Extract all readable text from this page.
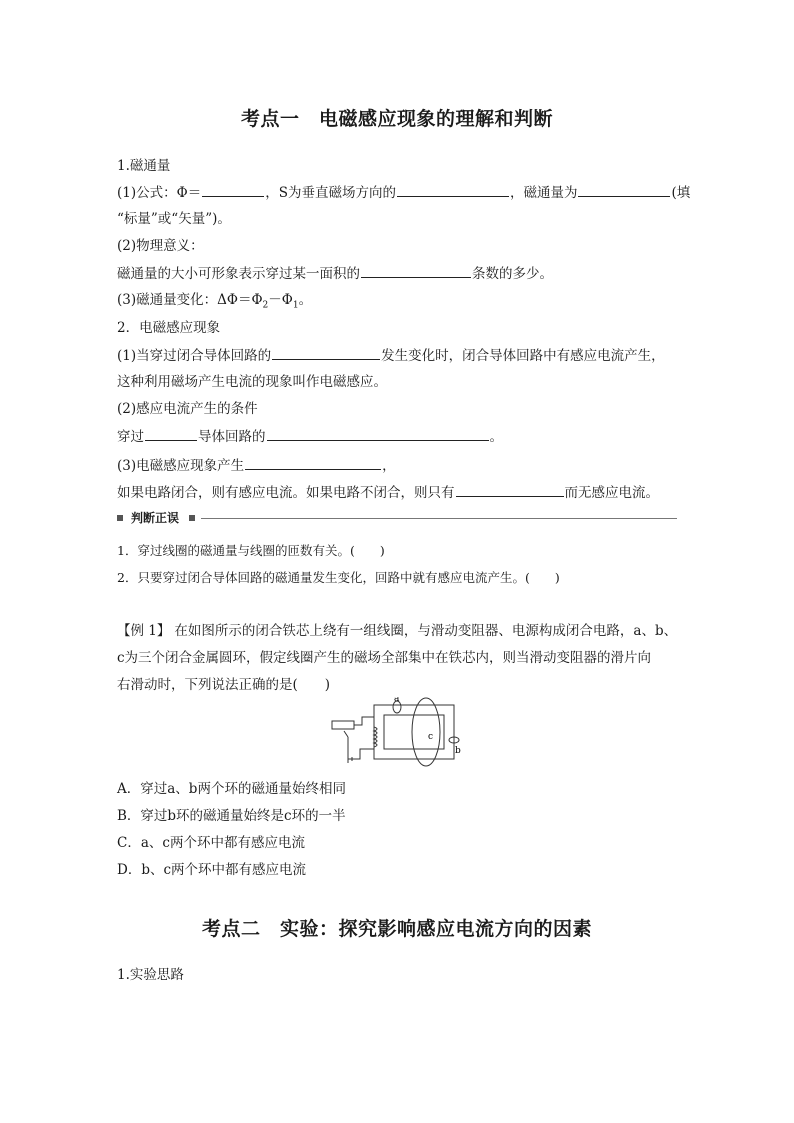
考点一　电磁感应现象的理解和判断
1.磁通量
(1)公式：Φ＝	，S为垂直磁场方向的	，磁通量为	(填
“标量”或“矢量”)。
(2)物理意义：
磁通量的大小可形象表示穿过某一面积的	条数的多少。
(3)磁通量变化：$\Delta\Phi=\Phi_2-\Phi_1$。
2．电磁感应现象
(1)当穿过闭合导体回路的	发生变化时，闭合导体回路中有感应电流产生，
这种利用磁场产生电流的现象叫作电磁感应。
(2)感应电流产生的条件
穿过	导体回路的	。
(3)电磁感应现象产生	，
如果电路闭合，则有感应电流。如果电路不闭合，则只有	而无感应电流。
判断正误
1．穿过线圈的磁通量与线圈的匝数有关。(　　)
2．只要穿过闭合导体回路的磁通量发生变化，回路中就有感应电流产生。(　　)
【例 1】 在如图所示的闭合铁芯上绕有一组线圈，与滑动变阻器、电源构成闭合电路，a、b、
c为三个闭合金属圆环，假定线圈产生的磁场全部集中在铁芯内，则当滑动变阻器的滑片向
右滑动时，下列说法正确的是(　　)
a
c
b
A．穿过a、b两个环的磁通量始终相同
B．穿过b环的磁通量始终是c环的一半
C．a、c两个环中都有感应电流
D．b、c两个环中都有感应电流
考点二　实验：探究影响感应电流方向的因素
1.实验思路
